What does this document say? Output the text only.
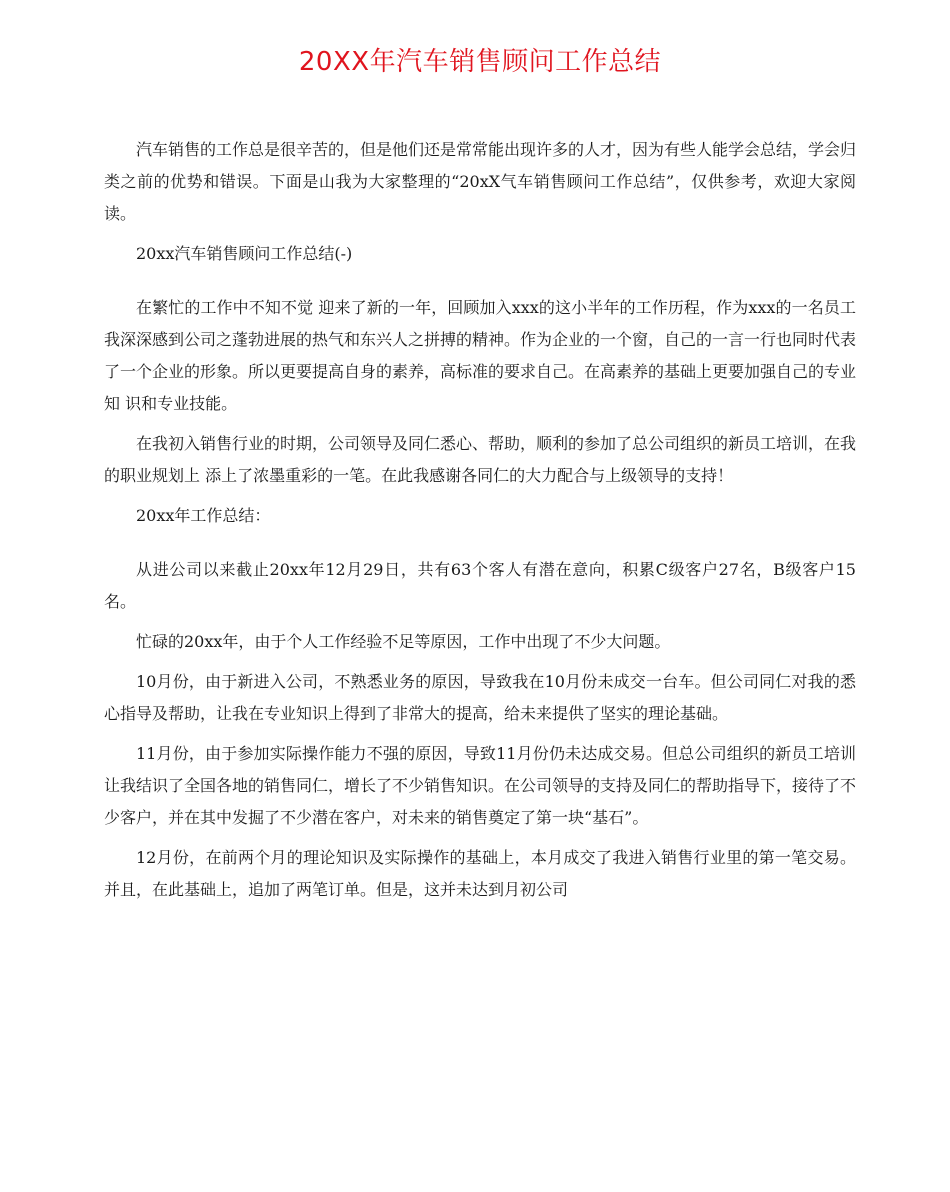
20XX年汽车销售顾问工作总结

汽车销售的工作总是很辛苦的，但是他们还是常常能出现许多的人才，因为有些人能学会总结，学会归类之前的优势和错误。下面是山我为大家整理的“20xX气车销售顾问工作总结”，仅供参考，欢迎大家阅读。

20xx汽车销售顾问工作总结(-)

在繁忙的工作中不知不觉 迎来了新的一年，回顾加入xxx的这小半年的工作历程，作为xxx的一名员工我深深感到公司之蓬勃进展的热气和东兴人之拼搏的精神。作为企业的一个窗，自己的一言一行也同时代表了一个企业的形象。所以更要提高自身的素养，高标准的要求自己。在高素养的基础上更要加强自己的专业知 识和专业技能。

在我初入销售行业的时期，公司领导及同仁悉心、帮助，顺利的参加了总公司组织的新员工培训，在我的职业规划上 添上了浓墨重彩的一笔。在此我感谢各同仁的大力配合与上级领导的支持！

20xx年工作总结：

从进公司以来截止20xx年12月29日，共有63个客人有潜在意向，积累C级客户27名，B级客户15名。

忙碌的20xx年，由于个人工作经验不足等原因，工作中出现了不少大问题。

10月份，由于新进入公司，不熟悉业务的原因，导致我在10月份未成交一台车。但公司同仁对我的悉心指导及帮助，让我在专业知识上得到了非常大的提高，给未来提供了坚实的理论基础。

11月份，由于参加实际操作能力不强的原因，导致11月份仍未达成交易。但总公司组织的新员工培训让我结识了全国各地的销售同仁，增长了不少销售知识。在公司领导的支持及同仁的帮助指导下，接待了不少客户，并在其中发掘了不少潜在客户，对未来的销售奠定了第一块“基石”。

12月份，在前两个月的理论知识及实际操作的基础上，本月成交了我进入销售行业里的第一笔交易。并且，在此基础上，追加了两笔订单。但是，这并未达到月初公司
